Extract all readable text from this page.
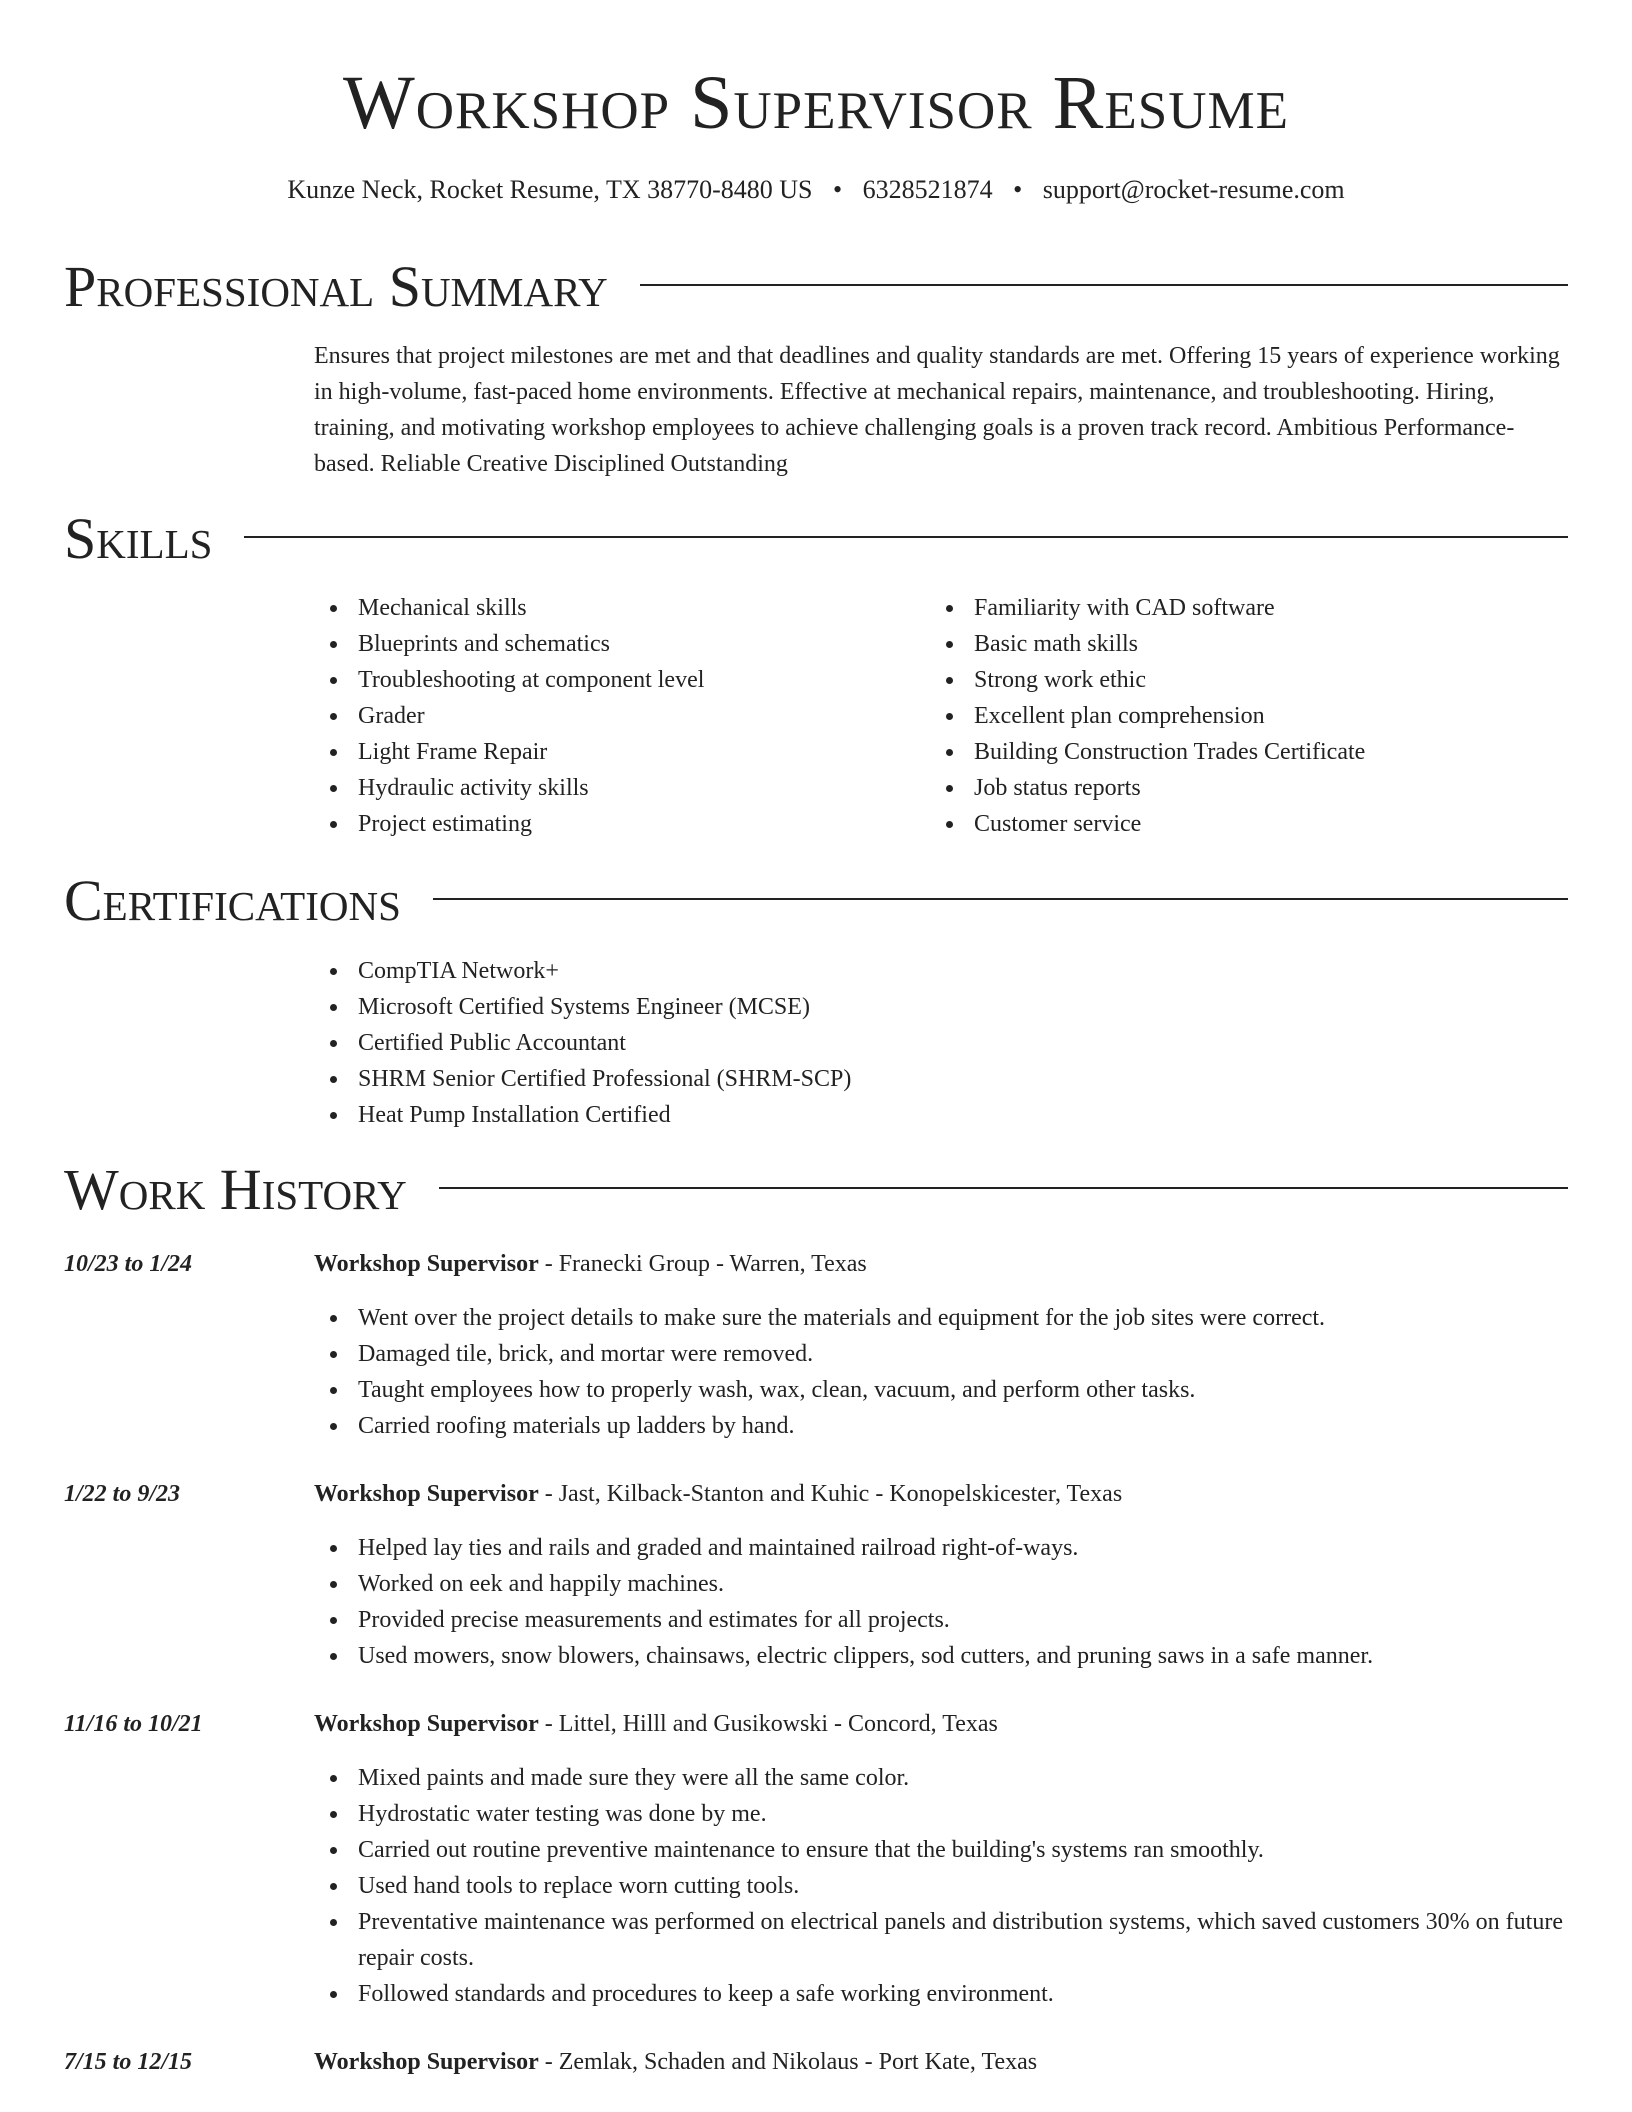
Workshop Supervisor Resume
Kunze Neck, Rocket Resume, TX 38770-8480 US • 6328521874 • support@rocket-resume.com
Professional Summary

Ensures that project milestones are met and that deadlines and quality standards are met. Offering 15 years of experience working in high-volume, fast-paced home environments. Effective at mechanical repairs, maintenance, and troubleshooting. Hiring, training, and motivating workshop employees to achieve challenging goals is a proven track record. Ambitious Performance-based. Reliable Creative Disciplined Outstanding

Skills
Mechanical skills
Blueprints and schematics
Troubleshooting at component level
Grader
Light Frame Repair
Hydraulic activity skills
Project estimating
Familiarity with CAD software
Basic math skills
Strong work ethic
Excellent plan comprehension
Building Construction Trades Certificate
Job status reports
Customer service
Certifications
CompTIA Network+
Microsoft Certified Systems Engineer (MCSE)
Certified Public Accountant
SHRM Senior Certified Professional (SHRM-SCP)
Heat Pump Installation Certified
Work History
10/23 to 1/24	Workshop Supervisor - Franecki Group - Warren, Texas
Went over the project details to make sure the materials and equipment for the job sites were correct.
Damaged tile, brick, and mortar were removed.
Taught employees how to properly wash, wax, clean, vacuum, and perform other tasks.
Carried roofing materials up ladders by hand.
1/22 to 9/23	Workshop Supervisor - Jast, Kilback-Stanton and Kuhic - Konopelskicester, Texas
Helped lay ties and rails and graded and maintained railroad right-of-ways.
Worked on eek and happily machines.
Provided precise measurements and estimates for all projects.
Used mowers, snow blowers, chainsaws, electric clippers, sod cutters, and pruning saws in a safe manner.
11/16 to 10/21	Workshop Supervisor - Littel, Hilll and Gusikowski - Concord, Texas
Mixed paints and made sure they were all the same color.
Hydrostatic water testing was done by me.
Carried out routine preventive maintenance to ensure that the building's systems ran smoothly.
Used hand tools to replace worn cutting tools.
Preventative maintenance was performed on electrical panels and distribution systems, which saved customers 30% on future repair costs.
Followed standards and procedures to keep a safe working environment.
7/15 to 12/15	Workshop Supervisor - Zemlak, Schaden and Nikolaus - Port Kate, Texas
